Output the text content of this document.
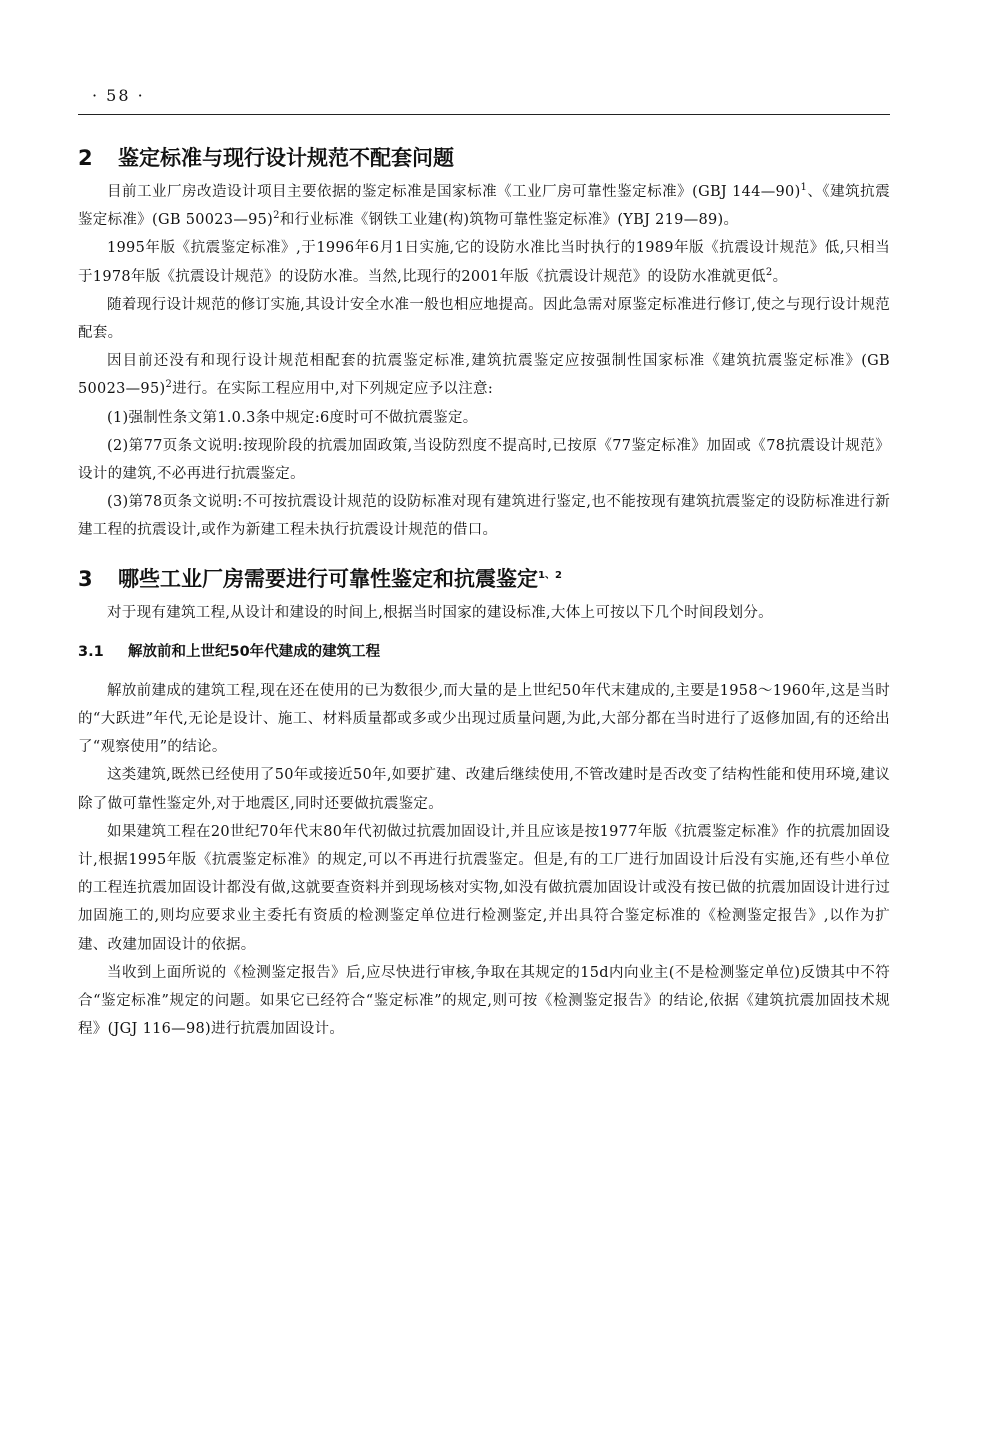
· 58 ·
2 鉴定标准与现行设计规范不配套问题

目前工业厂房改造设计项目主要依据的鉴定标准是国家标准《工业厂房可靠性鉴定标准》(GBJ 144—90)$^1$、《建筑抗震鉴定标准》(GB 50023—95)$^2$和行业标准《钢铁工业建(构)筑物可靠性鉴定标准》(YBJ 219—89)。

1995年版《抗震鉴定标准》,于1996年6月1日实施,它的设防水准比当时执行的1989年版《抗震设计规范》低,只相当于1978年版《抗震设计规范》的设防水准。当然,比现行的2001年版《抗震设计规范》的设防水准就更低$^2$。

随着现行设计规范的修订实施,其设计安全水准一般也相应地提高。因此急需对原鉴定标准进行修订,使之与现行设计规范配套。

因目前还没有和现行设计规范相配套的抗震鉴定标准,建筑抗震鉴定应按强制性国家标准《建筑抗震鉴定标准》(GB 50023—95)$^2$进行。在实际工程应用中,对下列规定应予以注意:

(1)强制性条文第1.0.3条中规定:6度时可不做抗震鉴定。

(2)第77页条文说明:按现阶段的抗震加固政策,当设防烈度不提高时,已按原《77鉴定标准》加固或《78抗震设计规范》设计的建筑,不必再进行抗震鉴定。

(3)第78页条文说明:不可按抗震设计规范的设防标准对现有建筑进行鉴定,也不能按现有建筑抗震鉴定的设防标准进行新建工程的抗震设计,或作为新建工程未执行抗震设计规范的借口。

3 哪些工业厂房需要进行可靠性鉴定和抗震鉴定$^{1、2}$

对于现有建筑工程,从设计和建设的时间上,根据当时国家的建设标准,大体上可按以下几个时间段划分。

3.1 解放前和上世纪50年代建成的建筑工程

解放前建成的建筑工程,现在还在使用的已为数很少,而大量的是上世纪50年代末建成的,主要是1958～1960年,这是当时的“大跃进”年代,无论是设计、施工、材料质量都或多或少出现过质量问题,为此,大部分都在当时进行了返修加固,有的还给出了“观察使用”的结论。

这类建筑,既然已经使用了50年或接近50年,如要扩建、改建后继续使用,不管改建时是否改变了结构性能和使用环境,建议除了做可靠性鉴定外,对于地震区,同时还要做抗震鉴定。

如果建筑工程在20世纪70年代末80年代初做过抗震加固设计,并且应该是按1977年版《抗震鉴定标准》作的抗震加固设计,根据1995年版《抗震鉴定标准》的规定,可以不再进行抗震鉴定。但是,有的工厂进行加固设计后没有实施,还有些小单位的工程连抗震加固设计都没有做,这就要查资料并到现场核对实物,如没有做抗震加固设计或没有按已做的抗震加固设计进行过加固施工的,则均应要求业主委托有资质的检测鉴定单位进行检测鉴定,并出具符合鉴定标准的《检测鉴定报告》,以作为扩建、改建加固设计的依据。

当收到上面所说的《检测鉴定报告》后,应尽快进行审核,争取在其规定的15d内向业主(不是检测鉴定单位)反馈其中不符合“鉴定标准”规定的问题。如果它已经符合“鉴定标准”的规定,则可按《检测鉴定报告》的结论,依据《建筑抗震加固技术规程》(JGJ 116—98)进行抗震加固设计。
